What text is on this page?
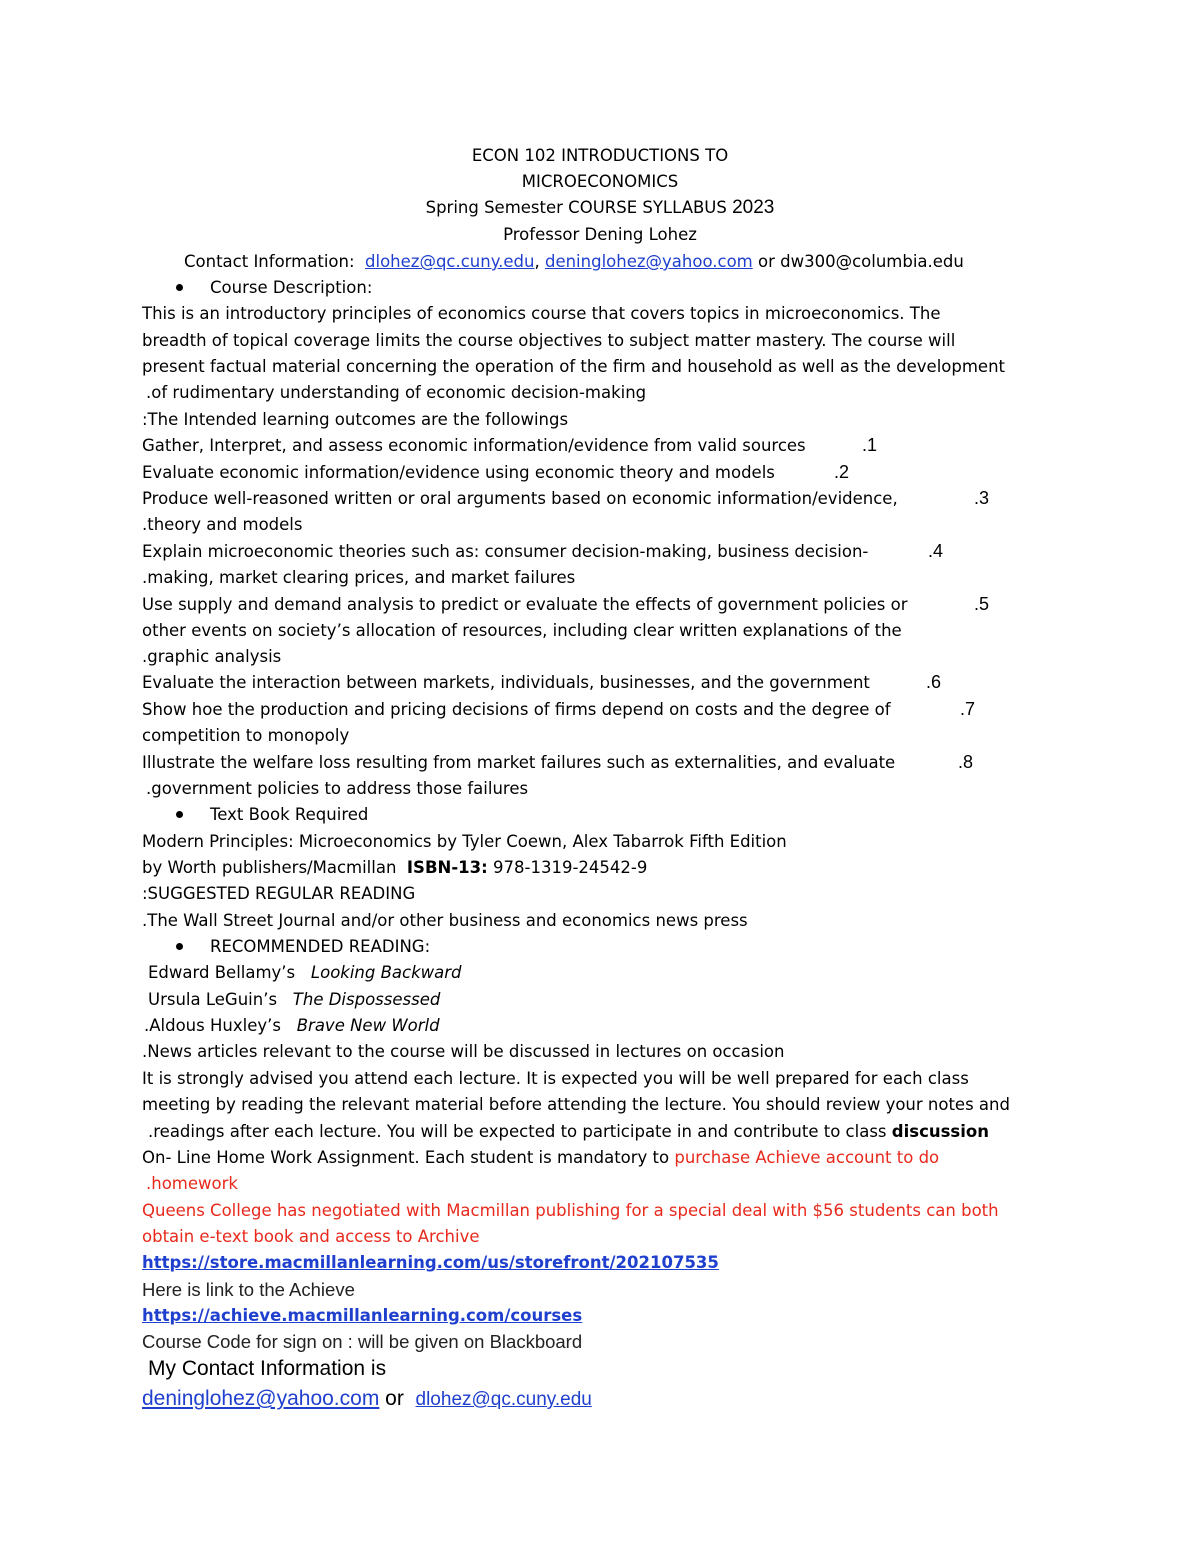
ECON 102 INTRODUCTIONS TO
MICROECONOMICS
Spring Semester COURSE SYLLABUS 2023
Professor Dening Lohez
Contact Information: dlohez@qc.cuny.edu, deninglohez@yahoo.com or dw300@columbia.edu
Course Description:
This is an introductory principles of economics course that covers topics in microeconomics. The
breadth of topical coverage limits the course objectives to subject matter mastery. The course will
present factual material concerning the operation of the firm and household as well as the development
.of rudimentary understanding of economic decision-making
:The Intended learning outcomes are the followings
Gather, Interpret, and assess economic information/evidence from valid sources	.1
Evaluate economic information/evidence using economic theory and models	.2
Produce well-reasoned written or oral arguments based on economic information/evidence,	.3
.theory and models
Explain microeconomic theories such as: consumer decision-making, business decision-	.4
.making, market clearing prices, and market failures
Use supply and demand analysis to predict or evaluate the effects of government policies or	.5
other events on society’s allocation of resources, including clear written explanations of the
.graphic analysis
Evaluate the interaction between markets, individuals, businesses, and the government	.6
Show hoe the production and pricing decisions of firms depend on costs and the degree of	.7
competition to monopoly
Illustrate the welfare loss resulting from market failures such as externalities, and evaluate	.8
.government policies to address those failures
Text Book Required
Modern Principles: Microeconomics by Tyler Coewn, Alex Tabarrok Fifth Edition
by Worth publishers/Macmillan ISBN-13: 978-1319-24542-9
:SUGGESTED REGULAR READING
.The Wall Street Journal and/or other business and economics news press
RECOMMENDED READING:
Edward Bellamy’s Looking Backward
Ursula LeGuin’s The Dispossessed
.Aldous Huxley’s Brave New World
.News articles relevant to the course will be discussed in lectures on occasion
It is strongly advised you attend each lecture. It is expected you will be well prepared for each class
meeting by reading the relevant material before attending the lecture. You should review your notes and
.readings after each lecture. You will be expected to participate in and contribute to class discussion
On- Line Home Work Assignment. Each student is mandatory to purchase Achieve account to do
.homework
Queens College has negotiated with Macmillan publishing for a special deal with $56 students can both
obtain e-text book and access to Archive
https://store.macmillanlearning.com/us/storefront/202107535
Here is link to the Achieve
https://achieve.macmillanlearning.com/courses
Course Code for sign on : will be given on Blackboard
My Contact Information is
deninglohez@yahoo.com or dlohez@qc.cuny.edu
